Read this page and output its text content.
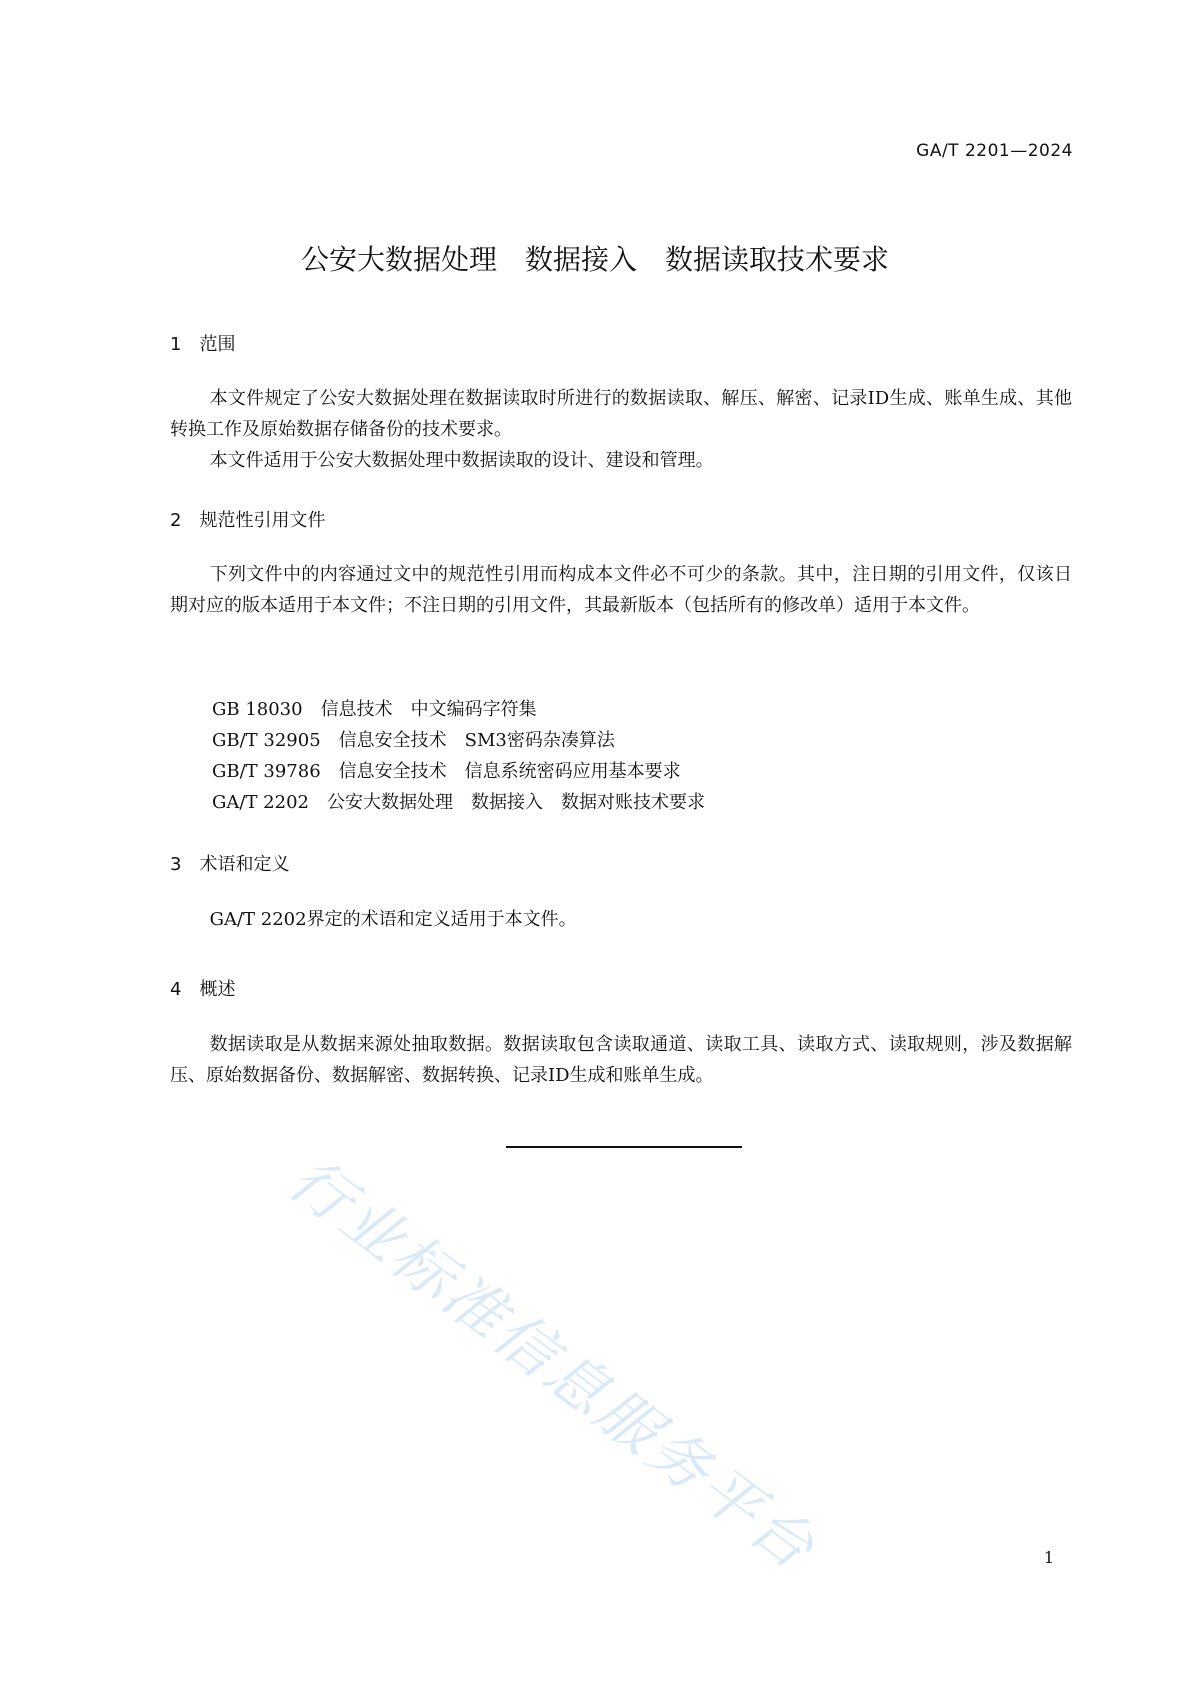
GA/T 2201—2024
公安大数据处理　数据接入　数据读取技术要求
1　范围
本文件规定了公安大数据处理在数据读取时所进行的数据读取、解压、解密、记录ID生成、账单生成、其他转换工作及原始数据存储备份的技术要求。
本文件适用于公安大数据处理中数据读取的设计、建设和管理。
2　规范性引用文件
下列文件中的内容通过文中的规范性引用而构成本文件必不可少的条款。其中，注日期的引用文件，仅该日期对应的版本适用于本文件；不注日期的引用文件，其最新版本（包括所有的修改单）适用于本文件。
GB 18030　信息技术　中文编码字符集
GB/T 32905　信息安全技术　SM3密码杂凑算法
GB/T 39786　信息安全技术　信息系统密码应用基本要求
GA/T 2202　公安大数据处理　数据接入　数据对账技术要求
3　术语和定义
GA/T 2202界定的术语和定义适用于本文件。
4　概述
数据读取是从数据来源处抽取数据。数据读取包含读取通道、读取工具、读取方式、读取规则，涉及数据解压、原始数据备份、数据解密、数据转换、记录ID生成和账单生成。
行业标准信息服务平台	1
